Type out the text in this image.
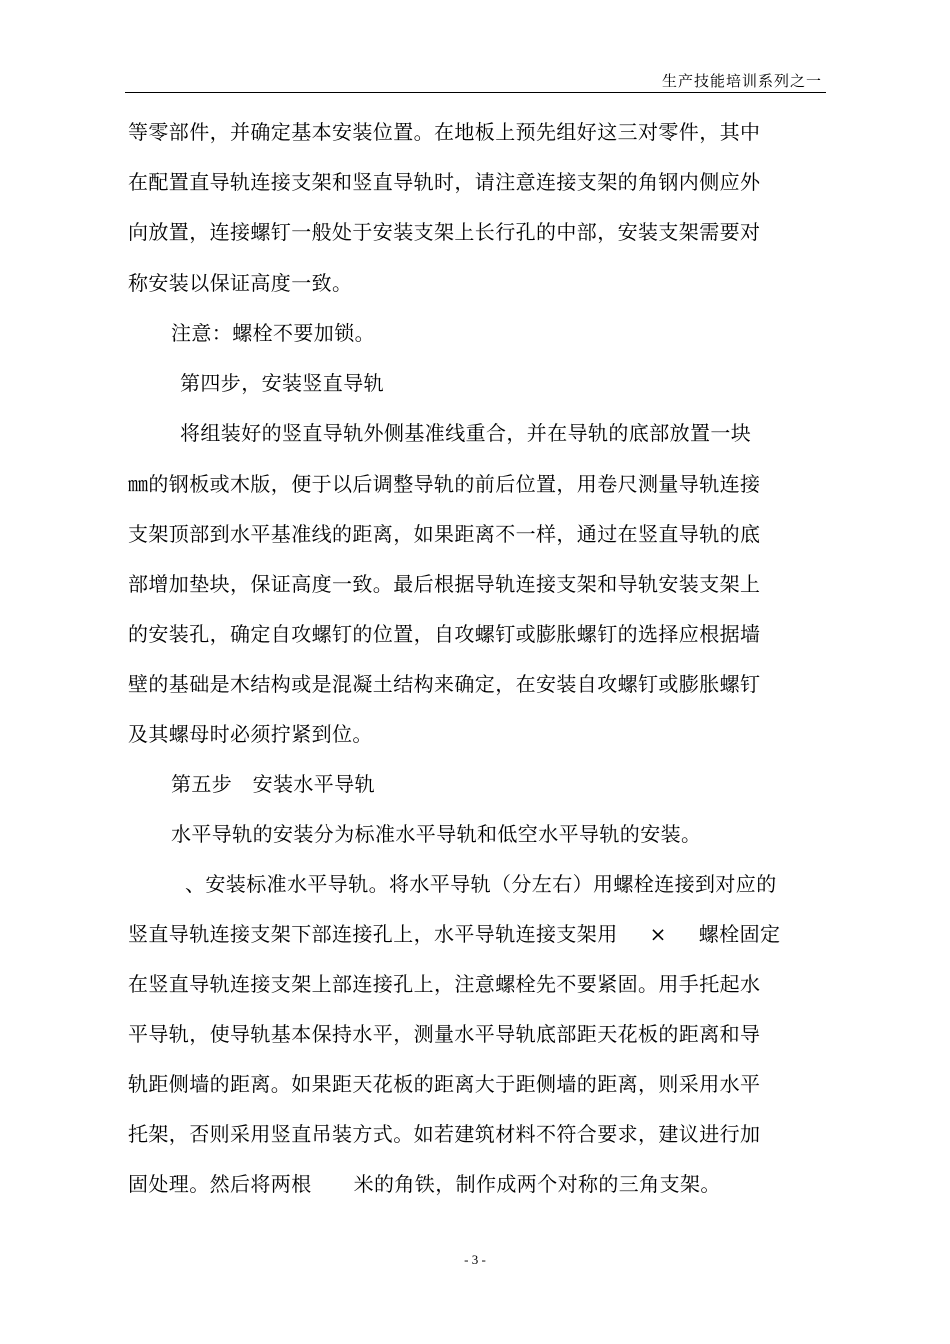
生产技能培训系列之一
等零部件，并确定基本安装位置。在地板上预先组好这三对零件，其中
在配置直导轨连接支架和竖直导轨时，请注意连接支架的角钢内侧应外
向放置，连接螺钉一般处于安装支架上长行孔的中部，安装支架需要对
称安装以保证高度一致。
注意：螺栓不要加锁。
第四步，安装竖直导轨
将组装好的竖直导轨外侧基准线重合，并在导轨的底部放置一块
㎜的钢板或木版，便于以后调整导轨的前后位置，用卷尺测量导轨连接
支架顶部到水平基准线的距离，如果距离不一样，通过在竖直导轨的底
部增加垫块，保证高度一致。最后根据导轨连接支架和导轨安装支架上
的安装孔，确定自攻螺钉的位置，自攻螺钉或膨胀螺钉的选择应根据墙
壁的基础是木结构或是混凝土结构来确定，在安装自攻螺钉或膨胀螺钉
及其螺母时必须拧紧到位。
第五步　安装水平导轨
水平导轨的安装分为标准水平导轨和低空水平导轨的安装。
、安装标准水平导轨。将水平导轨（分左右）用螺栓连接到对应的
竖直导轨连接支架下部连接孔上，水平导轨连接支架用 × 螺栓固定
在竖直导轨连接支架上部连接孔上，注意螺栓先不要紧固。用手托起水
平导轨，使导轨基本保持水平，测量水平导轨底部距天花板的距离和导
轨距侧墙的距离。如果距天花板的距离大于距侧墙的距离，则采用水平
托架，否则采用竖直吊装方式。如若建筑材料不符合要求，建议进行加
固处理。然后将两根 米的角铁，制作成两个对称的三角支架。
- 3 -
